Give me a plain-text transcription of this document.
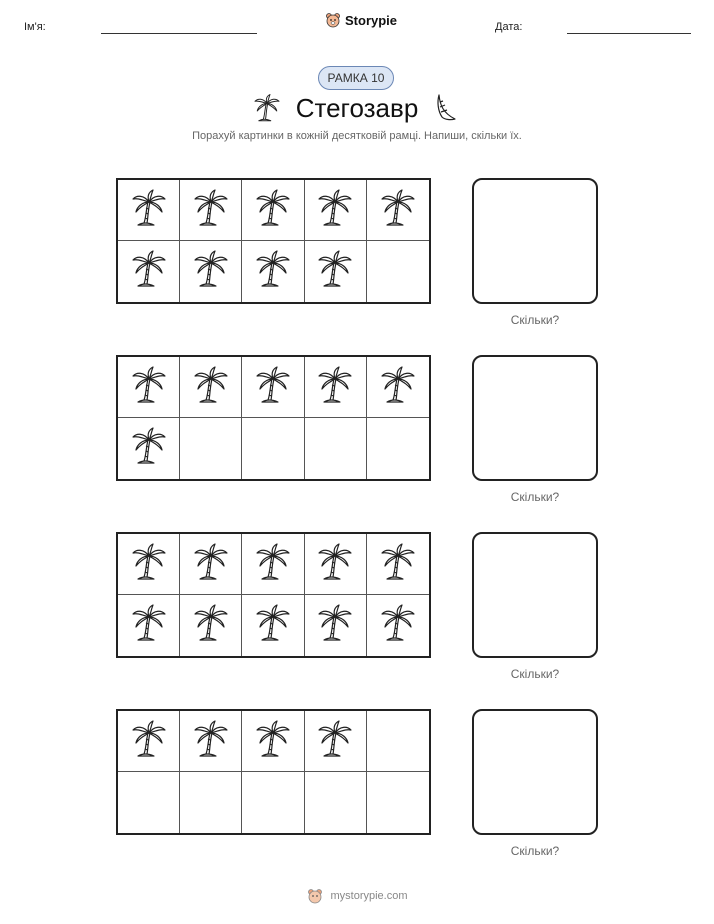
Ім'я:	Storypie	Дата:
РАМКА 10
Стегозавр
Порахуй картинки в кожній десятковій рамці. Напиши, скільки їх.
Скільки?
Скільки?
Скільки?
Скільки?
mystorypie.com
